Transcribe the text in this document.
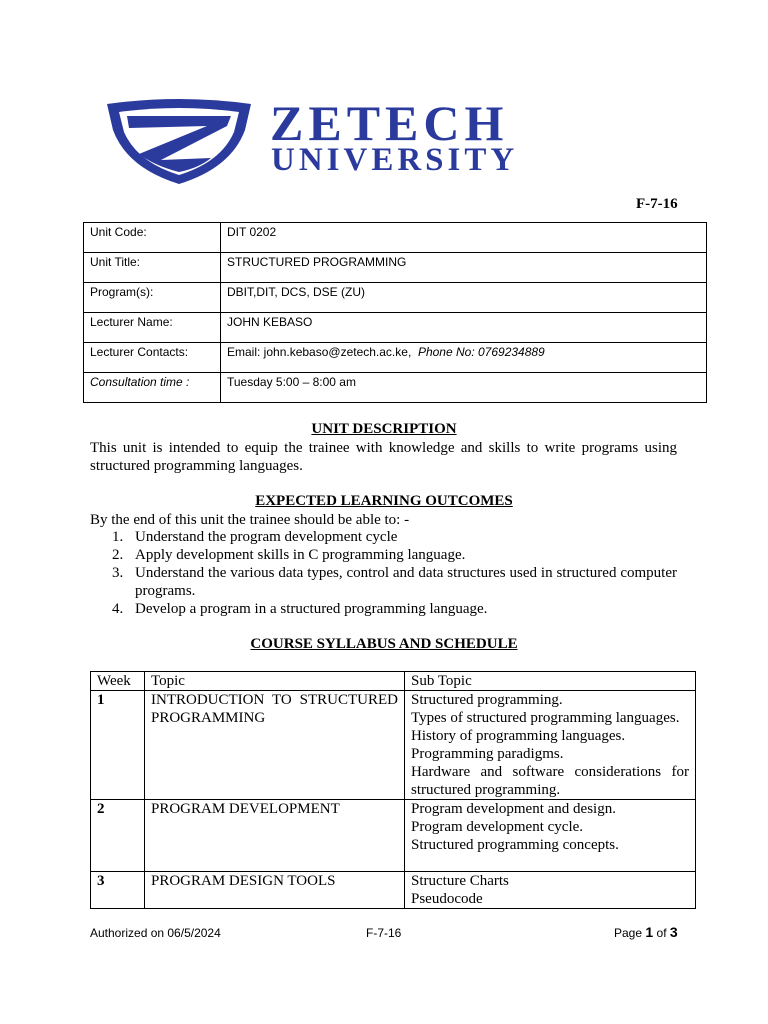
ZETECH
UNIVERSITY
F-7-16
Unit Code:	DIT 0202
Unit Title:	STRUCTURED PROGRAMMING
Program(s):	DBIT,DIT, DCS, DSE (ZU)
Lecturer Name:	JOHN KEBASO
Lecturer Contacts:	Email: john.kebaso@zetech.ac.ke, Phone No: 0769234889
Consultation time :	Tuesday 5:00 – 8:00 am
UNIT DESCRIPTION
This unit is intended to equip the trainee with knowledge and skills to write programs using structured programming languages.
EXPECTED LEARNING OUTCOMES
By the end of this unit the trainee should be able to: -
1. Understand the program development cycle
2. Apply development skills in C programming language.
3. Understand the various data types, control and data structures used in structured computer programs.
4. Develop a program in a structured programming language.
COURSE SYLLABUS AND SCHEDULE
Week	Topic	Sub Topic
1	INTRODUCTION TO STRUCTURED PROGRAMMING	Structured programming.
Types of structured programming languages.
History of programming languages.
Programming paradigms.
Hardware and software considerations for structured programming.

2	PROGRAM DEVELOPMENT	Program development and design.
Program development cycle.
Structured programming concepts.

3	PROGRAM DESIGN TOOLS	Structure Charts
Pseudocode
Authorized on 06/5/2024	F-7-16	Page 1 of 3
